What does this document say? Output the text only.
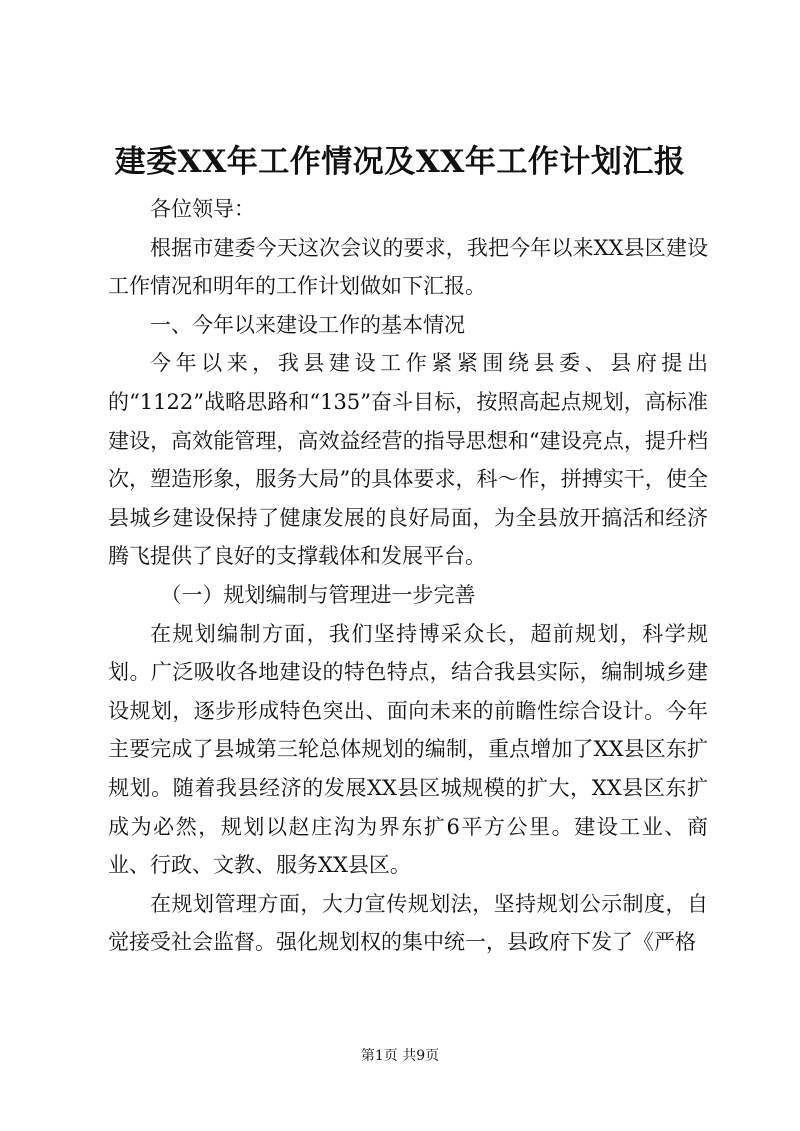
建委XX年工作情况及XX年工作计划汇报

各位领导：

根据市建委今天这次会议的要求，我把今年以来XX县区建设工作情况和明年的工作计划做如下汇报。

一、今年以来建设工作的基本情况

今年以来，我县建设工作紧紧围绕县委、县府提出的“1122”战略思路和“135”奋斗目标，按照高起点规划，高标准建设，高效能管理，高效益经营的指导思想和“建设亮点，提升档次，塑造形象，服务大局”的具体要求，科～作，拼搏实干，使全县城乡建设保持了健康发展的良好局面，为全县放开搞活和经济腾飞提供了良好的支撑载体和发展平台。

（一）规划编制与管理进一步完善

在规划编制方面，我们坚持博采众长，超前规划，科学规划。广泛吸收各地建设的特色特点，结合我县实际，编制城乡建设规划，逐步形成特色突出、面向未来的前瞻性综合设计。今年主要完成了县城第三轮总体规划的编制，重点增加了XX县区东扩规划。随着我县经济的发展XX县区城规模的扩大，XX县区东扩成为必然，规划以赵庄沟为界东扩6平方公里。建设工业、商业、行政、文教、服务XX县区。

在规划管理方面，大力宣传规划法，坚持规划公示制度，自觉接受社会监督。强化规划权的集中统一，县政府下发了《严格

第1页 共9页
